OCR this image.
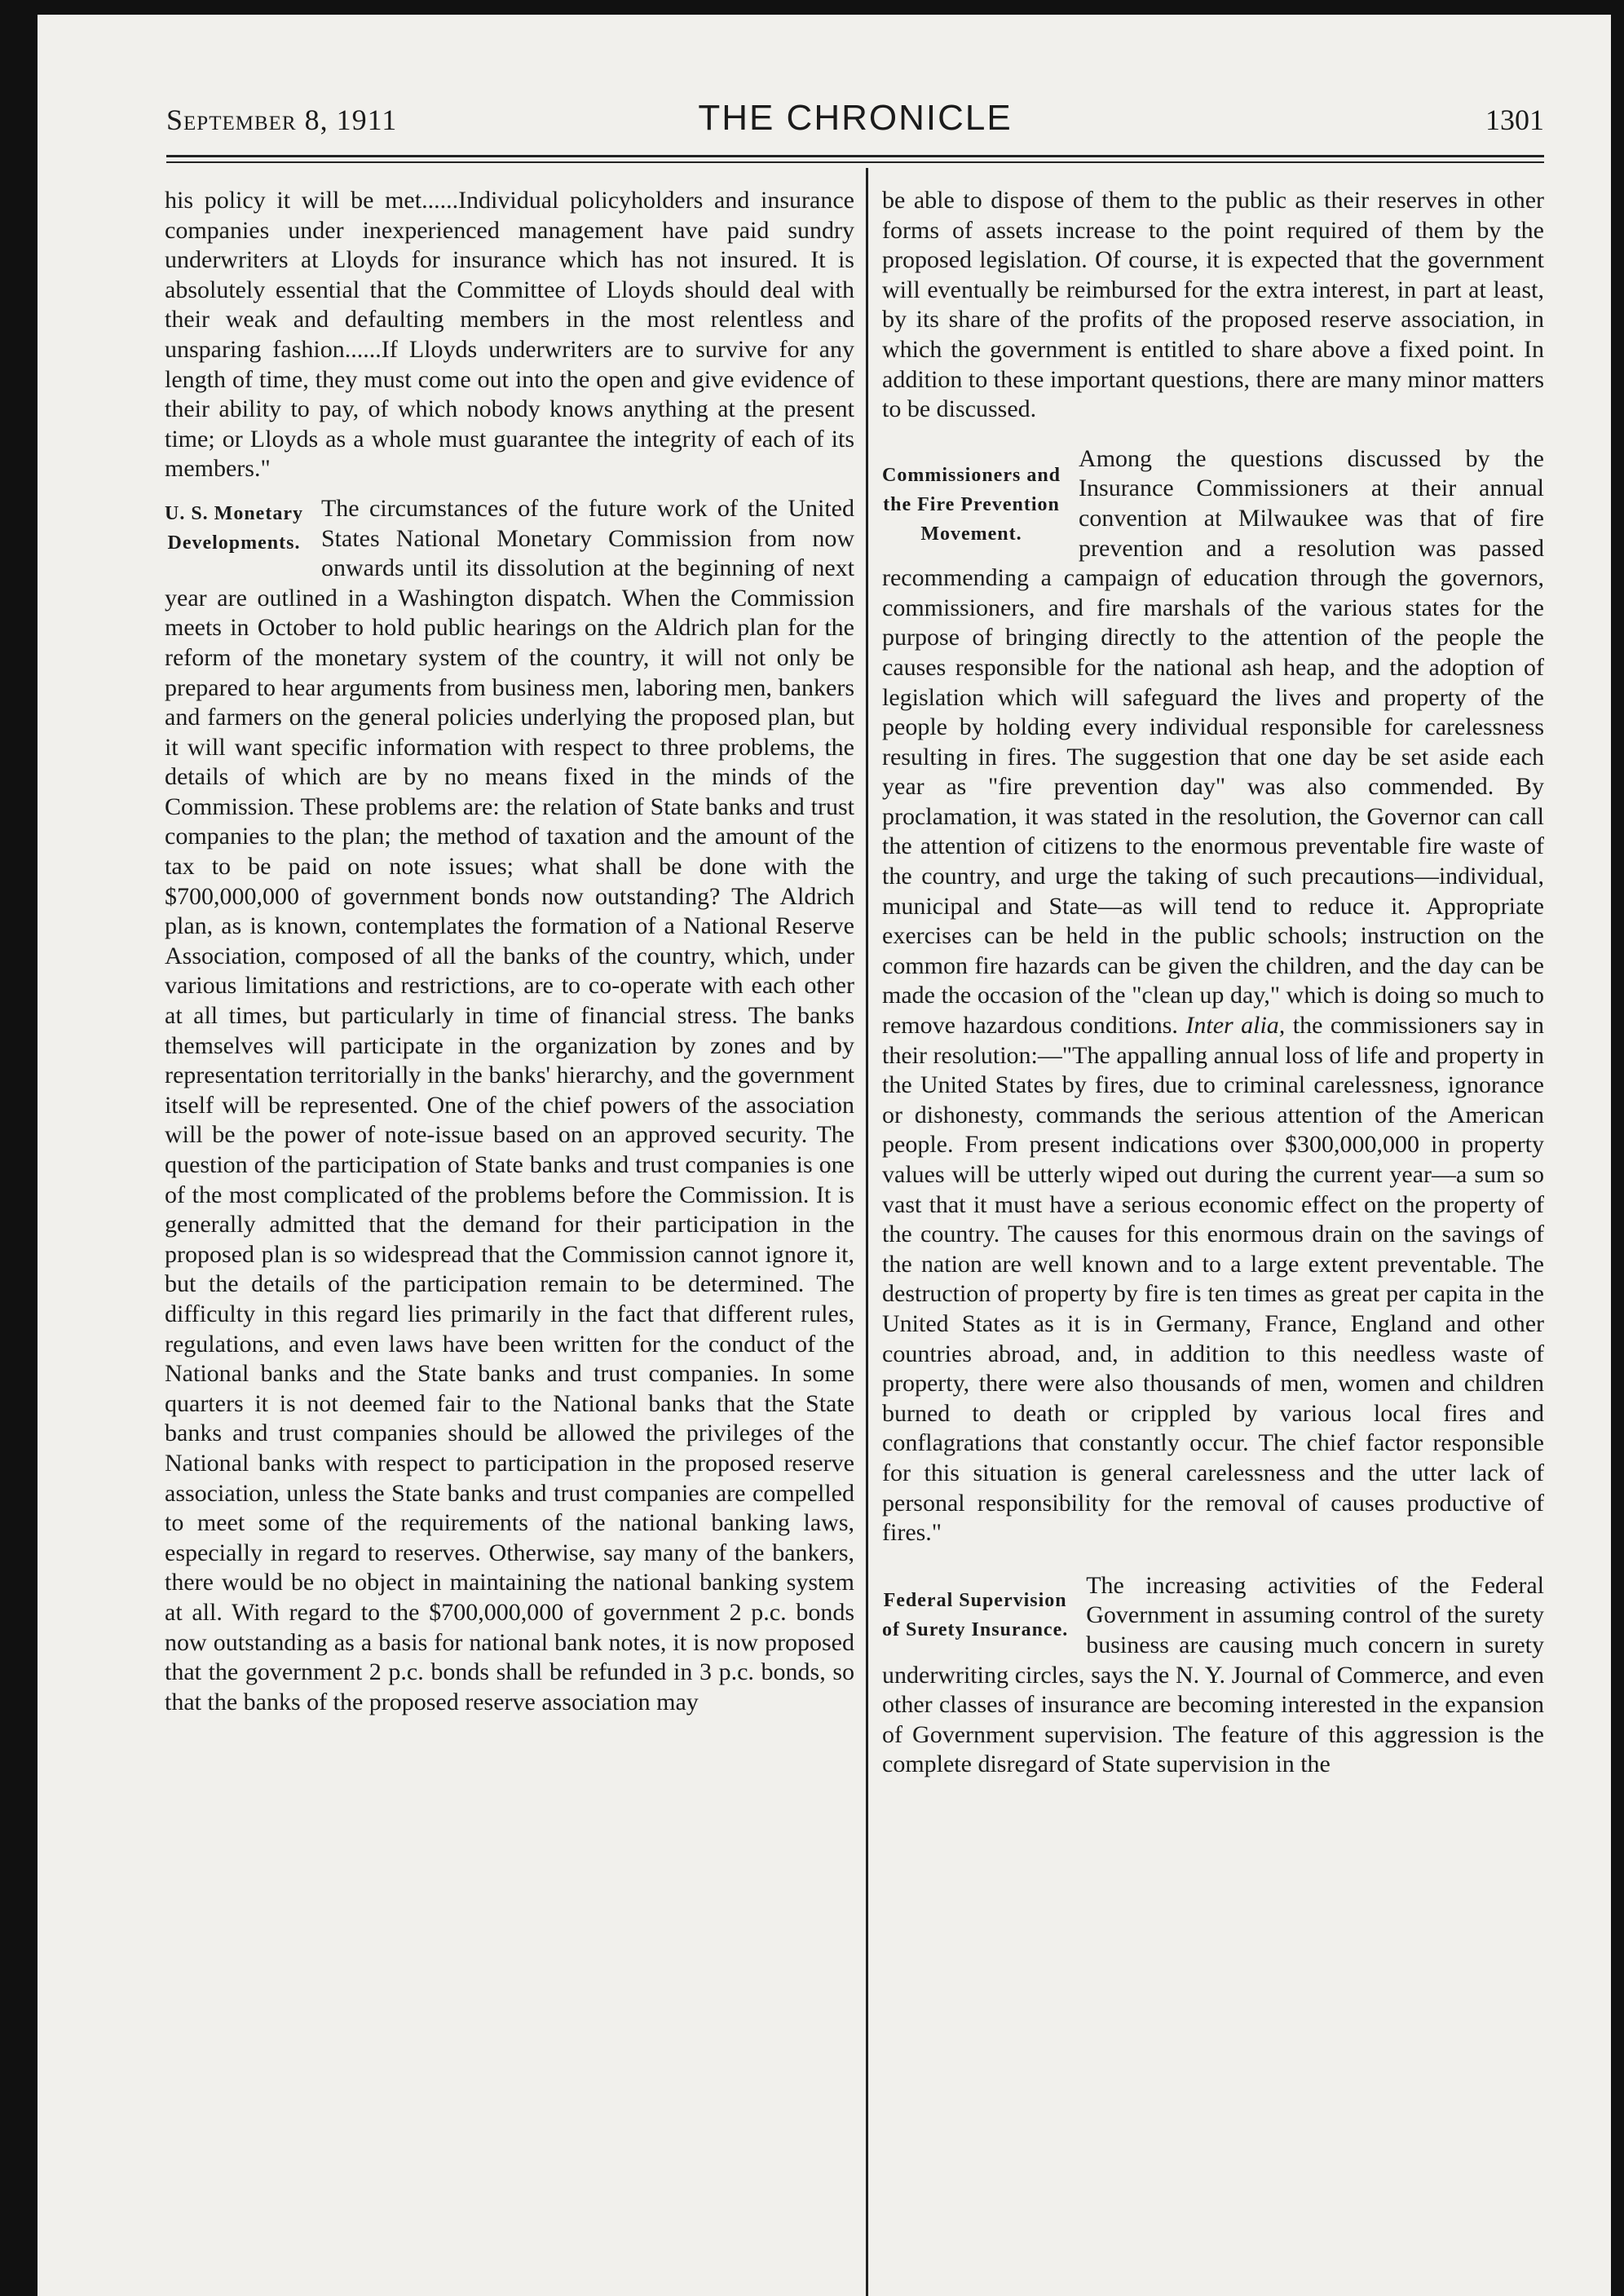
September 8, 1911	THE CHRONICLE	1301

his policy it will be met......Individual policyholders and insurance companies under inexperienced management have paid sundry underwriters at Lloyds for insurance which has not insured. It is absolutely essential that the Committee of Lloyds should deal with their weak and defaulting members in the most relentless and unsparing fashion......If Lloyds underwriters are to survive for any length of time, they must come out into the open and give evidence of their ability to pay, of which nobody knows anything at the present time; or Lloyds as a whole must guarantee the integrity of each of its members."

U. S. Monetary
Developments.

The circumstances of the future work of the United States National Monetary Commission from now onwards until its dissolution at the beginning of next year are outlined in a Washington dispatch. When the Commission meets in October to hold public hearings on the Aldrich plan for the reform of the monetary system of the country, it will not only be prepared to hear arguments from business men, laboring men, bankers and farmers on the general policies underlying the proposed plan, but it will want specific information with respect to three problems, the details of which are by no means fixed in the minds of the Commission. These problems are: the relation of State banks and trust companies to the plan; the method of taxation and the amount of the tax to be paid on note issues; what shall be done with the $700,000,000 of government bonds now outstanding? The Aldrich plan, as is known, contemplates the formation of a National Reserve Association, composed of all the banks of the country, which, under various limitations and restrictions, are to co-operate with each other at all times, but particularly in time of financial stress. The banks themselves will participate in the organization by zones and by representation territorially in the banks' hierarchy, and the government itself will be represented. One of the chief powers of the association will be the power of note-issue based on an approved security. The question of the participation of State banks and trust companies is one of the most complicated of the problems before the Commission. It is generally admitted that the demand for their participation in the proposed plan is so widespread that the Commission cannot ignore it, but the details of the participation remain to be determined. The difficulty in this regard lies primarily in the fact that different rules, regulations, and even laws have been written for the conduct of the National banks and the State banks and trust companies. In some quarters it is not deemed fair to the National banks that the State banks and trust companies should be allowed the privileges of the National banks with respect to participation in the proposed reserve association, unless the State banks and trust companies are compelled to meet some of the requirements of the national banking laws, especially in regard to reserves. Otherwise, say many of the bankers, there would be no object in maintaining the national banking system at all. With regard to the $700,000,000 of government 2 p.c. bonds now outstanding as a basis for national bank notes, it is now proposed that the government 2 p.c. bonds shall be refunded in 3 p.c. bonds, so that the banks of the proposed reserve association may

be able to dispose of them to the public as their reserves in other forms of assets increase to the point required of them by the proposed legislation. Of course, it is expected that the government will eventually be reimbursed for the extra interest, in part at least, by its share of the profits of the proposed reserve association, in which the government is entitled to share above a fixed point. In addition to these important questions, there are many minor matters to be discussed.

Commissioners and
the Fire Prevention
Movement.

Among the questions discussed by the Insurance Commissioners at their annual convention at Milwaukee was that of fire prevention and a resolution was passed recommending a campaign of education through the governors, commissioners, and fire marshals of the various states for the purpose of bringing directly to the attention of the people the causes responsible for the national ash heap, and the adoption of legislation which will safeguard the lives and property of the people by holding every individual responsible for carelessness resulting in fires. The suggestion that one day be set aside each year as "fire prevention day" was also commended. By proclamation, it was stated in the resolution, the Governor can call the attention of citizens to the enormous preventable fire waste of the country, and urge the taking of such precautions—individual, municipal and State—as will tend to reduce it. Appropriate exercises can be held in the public schools; instruction on the common fire hazards can be given the children, and the day can be made the occasion of the "clean up day," which is doing so much to remove hazardous conditions. Inter alia, the commissioners say in their resolution:—"The appalling annual loss of life and property in the United States by fires, due to criminal carelessness, ignorance or dishonesty, commands the serious attention of the American people. From present indications over $300,000,000 in property values will be utterly wiped out during the current year—a sum so vast that it must have a serious economic effect on the property of the country. The causes for this enormous drain on the savings of the nation are well known and to a large extent preventable. The destruction of property by fire is ten times as great per capita in the United States as it is in Germany, France, England and other countries abroad, and, in addition to this needless waste of property, there were also thousands of men, women and children burned to death or crippled by various local fires and conflagrations that constantly occur. The chief factor responsible for this situation is general carelessness and the utter lack of personal responsibility for the removal of causes productive of fires."

Federal Supervision
of Surety Insurance.

The increasing activities of the Federal Government in assuming control of the surety business are causing much concern in surety underwriting circles, says the N. Y. Journal of Commerce, and even other classes of insurance are becoming interested in the expansion of Government supervision. The feature of this aggression is the complete disregard of State supervision in the
